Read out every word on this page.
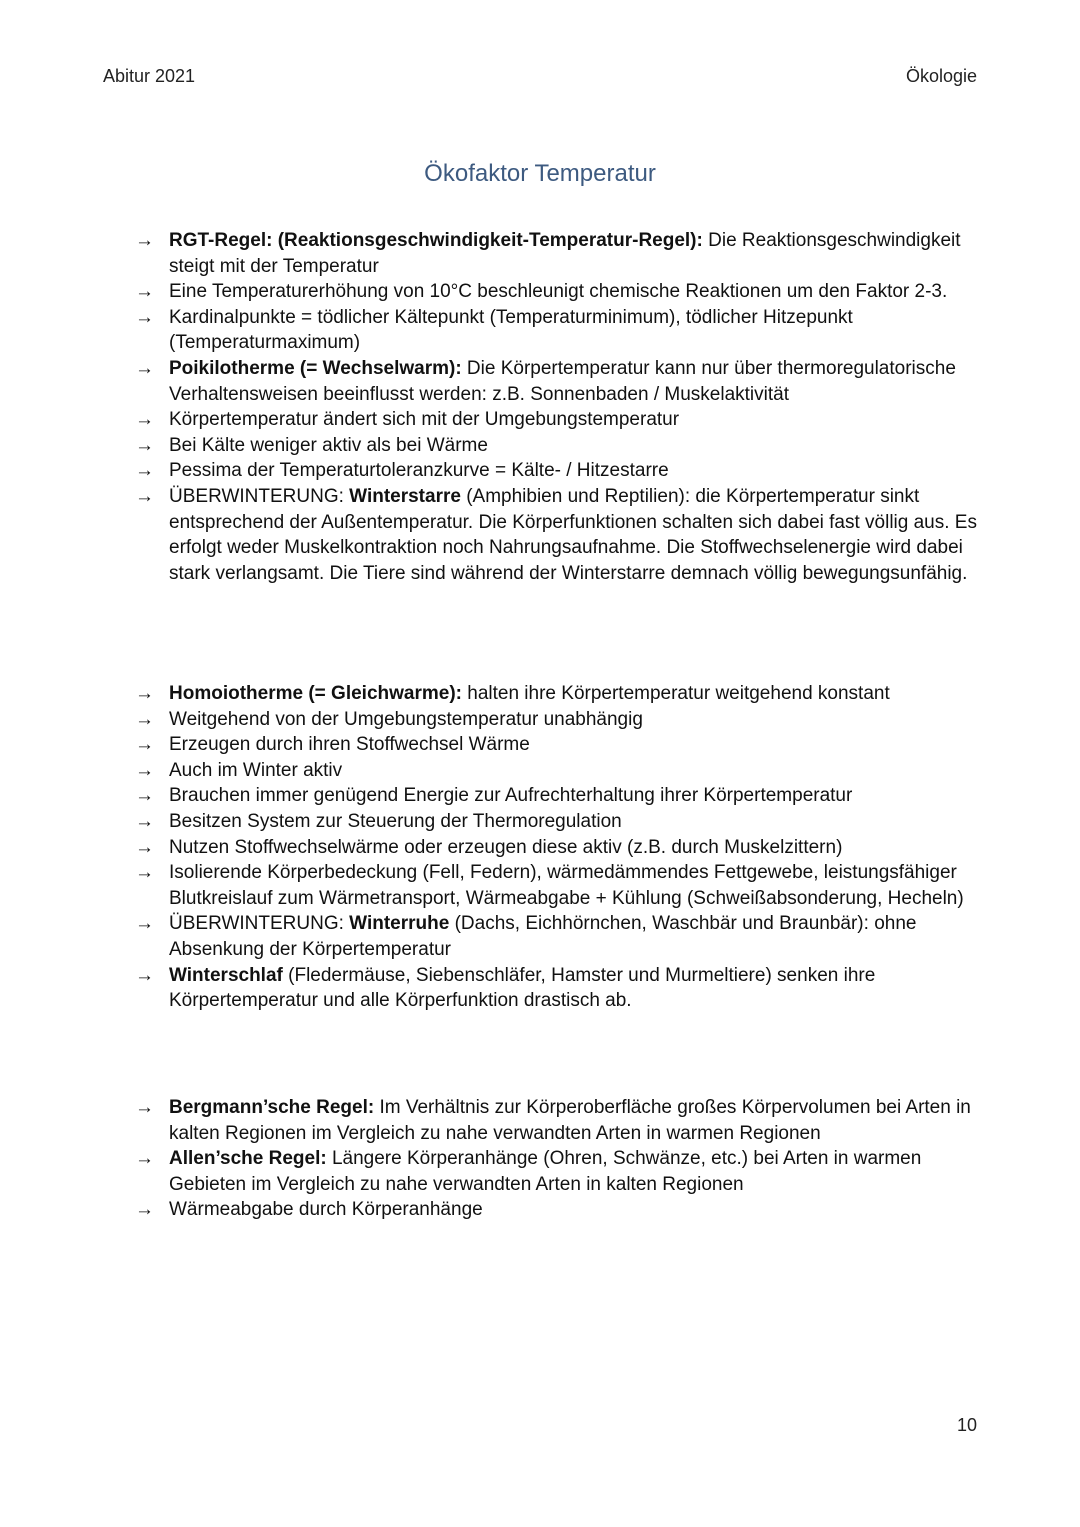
Abitur 2021	Ökologie
Ökofaktor Temperatur
→ RGT-Regel: (Reaktionsgeschwindigkeit-Temperatur-Regel): Die Reaktionsgeschwindigkeit steigt mit der Temperatur
→ Eine Temperaturerhöhung von 10°C beschleunigt chemische Reaktionen um den Faktor 2-3.
→ Kardinalpunkte = tödlicher Kältepunkt (Temperaturminimum), tödlicher Hitzepunkt (Temperaturmaximum)
→ Poikilotherme (= Wechselwarm): Die Körpertemperatur kann nur über thermoregulatorische Verhaltensweisen beeinflusst werden: z.B. Sonnenbaden / Muskelaktivität
→ Körpertemperatur ändert sich mit der Umgebungstemperatur
→ Bei Kälte weniger aktiv als bei Wärme
→ Pessima der Temperaturtoleranzkurve = Kälte- / Hitzestarre
→ ÜBERWINTERUNG: Winterstarre (Amphibien und Reptilien): die Körpertemperatur sinkt entsprechend der Außentemperatur. Die Körperfunktionen schalten sich dabei fast völlig aus. Es erfolgt weder Muskelkontraktion noch Nahrungsaufnahme. Die Stoffwechselenergie wird dabei stark verlangsamt. Die Tiere sind während der Winterstarre demnach völlig bewegungsunfähig.
→ Homoiotherme (= Gleichwarme): halten ihre Körpertemperatur weitgehend konstant
→ Weitgehend von der Umgebungstemperatur unabhängig
→ Erzeugen durch ihren Stoffwechsel Wärme
→ Auch im Winter aktiv
→ Brauchen immer genügend Energie zur Aufrechterhaltung ihrer Körpertemperatur
→ Besitzen System zur Steuerung der Thermoregulation
→ Nutzen Stoffwechselwärme oder erzeugen diese aktiv (z.B. durch Muskelzittern)
→ Isolierende Körperbedeckung (Fell, Federn), wärmedämmendes Fettgewebe, leistungsfähiger Blutkreislauf zum Wärmetransport, Wärmeabgabe + Kühlung (Schweißabsonderung, Hecheln)
→ ÜBERWINTERUNG: Winterruhe (Dachs, Eichhörnchen, Waschbär und Braunbär): ohne Absenkung der Körpertemperatur
→ Winterschlaf (Fledermäuse, Siebenschläfer, Hamster und Murmeltiere) senken ihre Körpertemperatur und alle Körperfunktion drastisch ab.
→ Bergmann’sche Regel: Im Verhältnis zur Körperoberfläche großes Körpervolumen bei Arten in kalten Regionen im Vergleich zu nahe verwandten Arten in warmen Regionen
→ Allen’sche Regel: Längere Körperanhänge (Ohren, Schwänze, etc.) bei Arten in warmen Gebieten im Vergleich zu nahe verwandten Arten in kalten Regionen
→ Wärmeabgabe durch Körperanhänge
10
